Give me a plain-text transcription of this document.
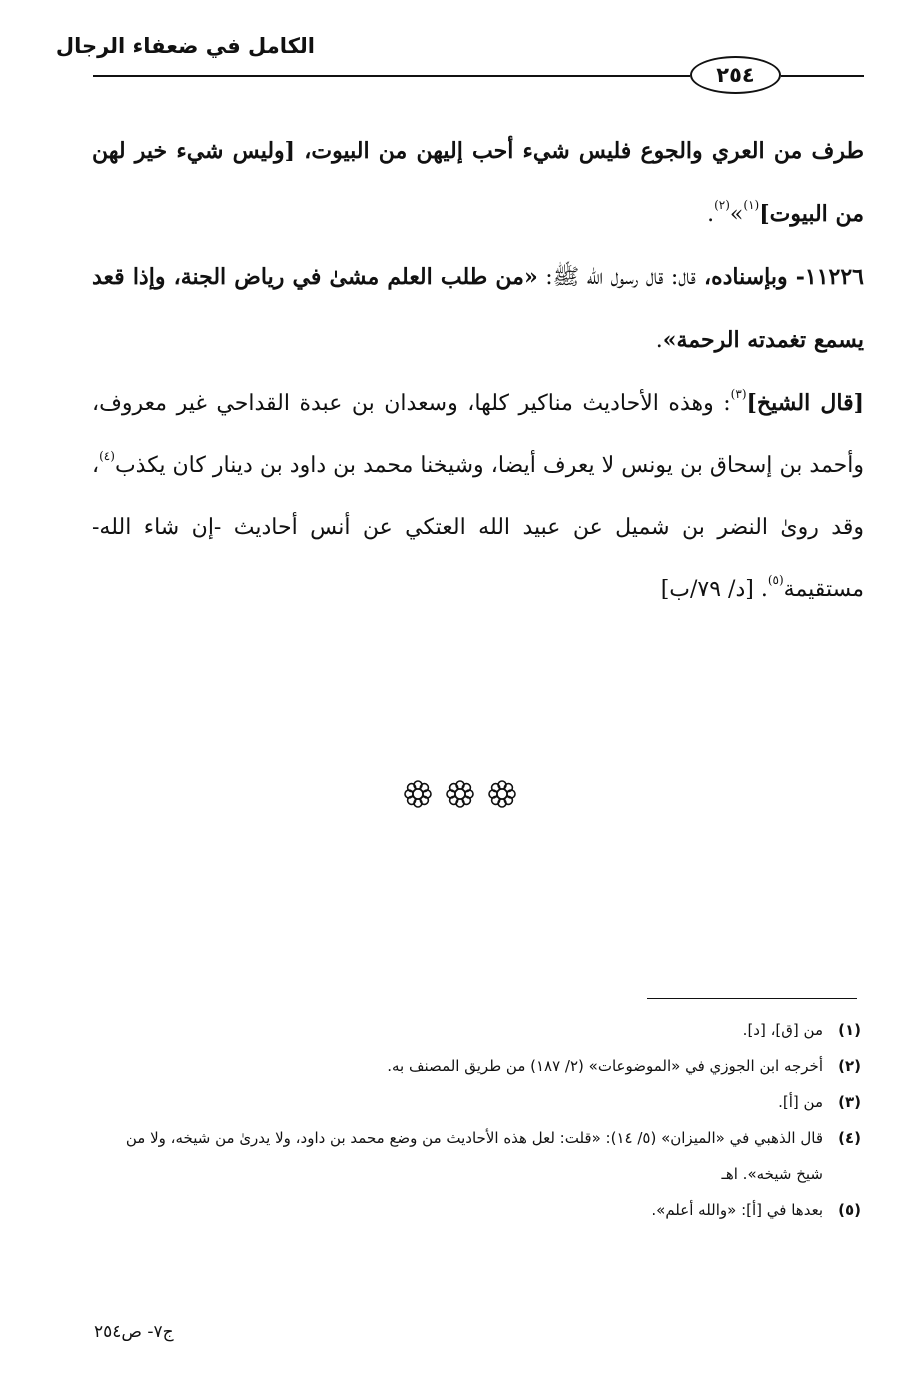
الكامل في ضعفاء الرجال
٢٥٤

طرف من العري والجوع فليس شيء أحب إليهن من البيوت، [وليس شيء خير لهن من البيوت]$^{(١)}$»$^{(٢)}$.

١١٢٢٦- وبإسناده، قال: قال رسول الله ﷺ: «من طلب العلم مشىٰ في رياض الجنة، وإذا قعد يسمع تغمدته الرحمة».

[قال الشيخ]$^{(٣)}$: وهذه الأحاديث مناكير كلها، وسعدان بن عبدة القداحي غير معروف، وأحمد بن إسحاق بن يونس لا يعرف أيضا، وشيخنا محمد بن داود بن دينار كان يكذب$^{(٤)}$، وقد رویٰ النضر بن شميل عن عبيد الله العتكي عن أنس أحاديث -إن شاء الله- مستقيمة$^{(٥)}$. [د/ ٧٩/ب]

(١)
من [ق]، [د].
(٢)
أخرجه ابن الجوزي في «الموضوعات» (٢/ ١٨٧) من طريق المصنف به.
(٣)
من [أ].
(٤)
قال الذهبي في «الميزان» (٥/ ١٤): «قلت: لعل هذه الأحاديث من وضع محمد بن داود، ولا يدرىٰ من شيخه، ولا من شيخ شيخه». اهـ
(٥)
بعدها في [أ]: «والله أعلم».
ج٧- ص٢٥٤
